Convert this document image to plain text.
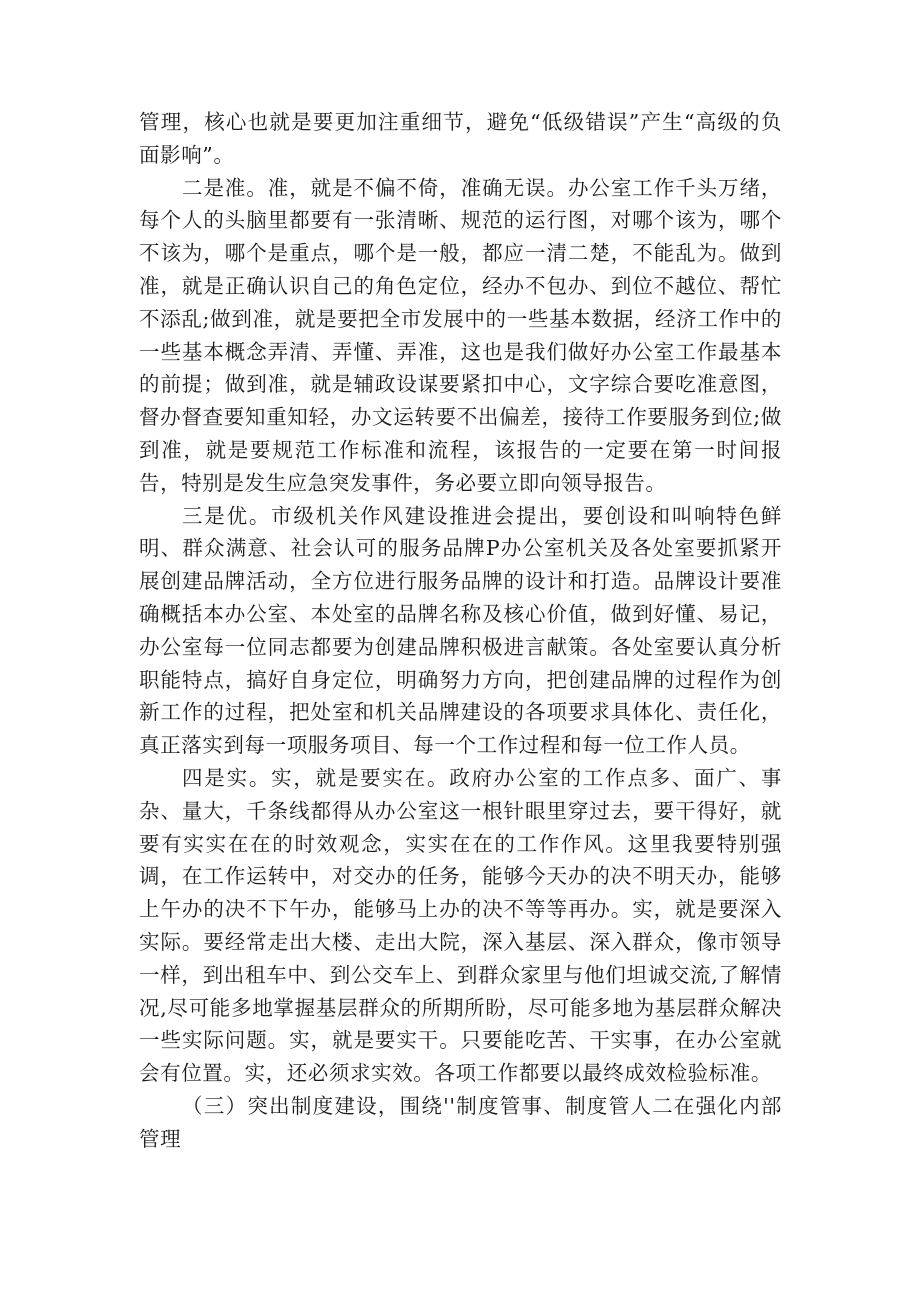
管理，核心也就是要更加注重细节，避免“低级错误”产生“高级的负面影响”。

二是准。准，就是不偏不倚，准确无误。办公室工作千头万绪，每个人的头脑里都要有一张清晰、规范的运行图，对哪个该为，哪个不该为，哪个是重点，哪个是一般，都应一清二楚，不能乱为。做到准，就是正确认识自己的角色定位，经办不包办、到位不越位、帮忙不添乱;做到准，就是要把全市发展中的一些基本数据，经济工作中的一些基本概念弄清、弄懂、弄准，这也是我们做好办公室工作最基本的前提；做到准，就是辅政设谋要紧扣中心，文字综合要吃准意图，督办督查要知重知轻，办文运转要不出偏差，接待工作要服务到位;做到准，就是要规范工作标准和流程，该报告的一定要在第一时间报告，特别是发生应急突发事件，务必要立即向领导报告。

三是优。市级机关作风建设推进会提出，要创设和叫响特色鲜明、群众满意、社会认可的服务品牌P办公室机关及各处室要抓紧开展创建品牌活动，全方位进行服务品牌的设计和打造。品牌设计要准确概括本办公室、本处室的品牌名称及核心价值，做到好懂、易记，办公室每一位同志都要为创建品牌积极进言献策。各处室要认真分析职能特点，搞好自身定位，明确努力方向，把创建品牌的过程作为创新工作的过程，把处室和机关品牌建设的各项要求具体化、责任化，真正落实到每一项服务项目、每一个工作过程和每一位工作人员。

四是实。实，就是要实在。政府办公室的工作点多、面广、事杂、量大，千条线都得从办公室这一根针眼里穿过去，要干得好，就要有实实在在的时效观念，实实在在的工作作风。这里我要特别强调，在工作运转中，对交办的任务，能够今天办的决不明天办，能够上午办的决不下午办，能够马上办的决不等等再办。实，就是要深入实际。要经常走出大楼、走出大院，深入基层、深入群众，像市领导一样，到出租车中、到公交车上、到群众家里与他们坦诚交流,了解情况,尽可能多地掌握基层群众的所期所盼，尽可能多地为基层群众解决一些实际问题。实，就是要实干。只要能吃苦、干实事，在办公室就会有位置。实，还必须求实效。各项工作都要以最终成效检验标准。

（三）突出制度建设，围绕''制度管事、制度管人二在强化内部管理
